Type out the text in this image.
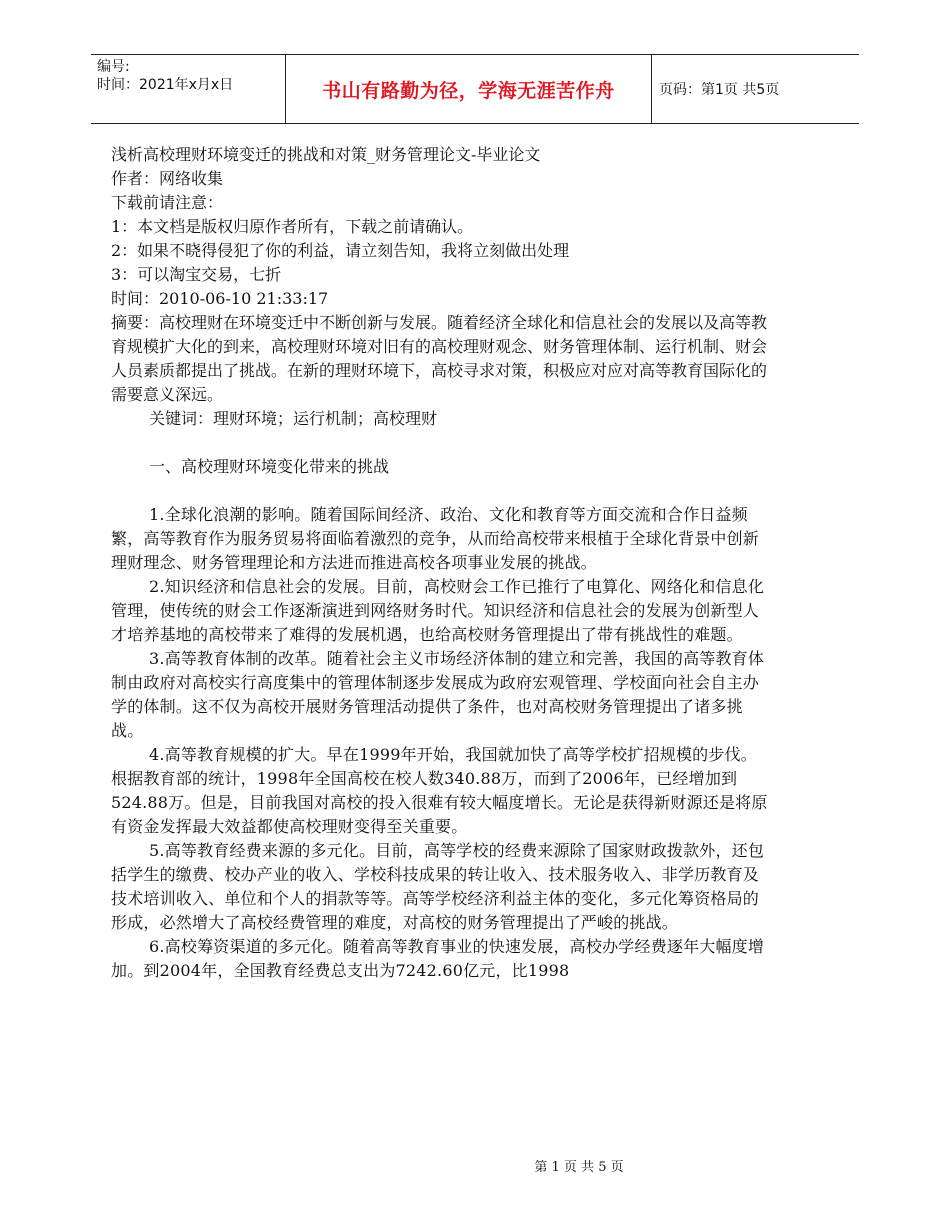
编号:
时间：2021年x月x日	书山有路勤为径，学海无涯苦作舟	页码：第1页 共5页

浅析高校理财环境变迁的挑战和对策_财务管理论文-毕业论文

作者：网络收集

下载前请注意：

1：本文档是版权归原作者所有，下载之前请确认。

2：如果不晓得侵犯了你的利益，请立刻告知，我将立刻做出处理

3：可以淘宝交易，七折

时间：2010-06-10 21:33:17

摘要：高校理财在环境变迁中不断创新与发展。随着经济全球化和信息社会的发展以及高等教育规模扩大化的到来，高校理财环境对旧有的高校理财观念、财务管理体制、运行机制、财会人员素质都提出了挑战。在新的理财环境下，高校寻求对策，积极应对应对高等教育国际化的需要意义深远。

关键词：理财环境；运行机制；高校理财

一、高校理财环境变化带来的挑战

1.全球化浪潮的影响。随着国际间经济、政治、文化和教育等方面交流和合作日益频繁，高等教育作为服务贸易将面临着激烈的竞争，从而给高校带来根植于全球化背景中创新理财理念、财务管理理论和方法进而推进高校各项事业发展的挑战。

2.知识经济和信息社会的发展。目前，高校财会工作已推行了电算化、网络化和信息化管理，使传统的财会工作逐渐演进到网络财务时代。知识经济和信息社会的发展为创新型人才培养基地的高校带来了难得的发展机遇，也给高校财务管理提出了带有挑战性的难题。

3.高等教育体制的改革。随着社会主义市场经济体制的建立和完善，我国的高等教育体制由政府对高校实行高度集中的管理体制逐步发展成为政府宏观管理、学校面向社会自主办学的体制。这不仅为高校开展财务管理活动提供了条件，也对高校财务管理提出了诸多挑战。

4.高等教育规模的扩大。早在1999年开始，我国就加快了高等学校扩招规模的步伐。根据教育部的统计，1998年全国高校在校人数340.88万，而到了2006年，已经增加到524.88万。但是，目前我国对高校的投入很难有较大幅度增长。无论是获得新财源还是将原有资金发挥最大效益都使高校理财变得至关重要。

5.高等教育经费来源的多元化。目前，高等学校的经费来源除了国家财政拨款外，还包括学生的缴费、校办产业的收入、学校科技成果的转让收入、技术服务收入、非学历教育及技术培训收入、单位和个人的捐款等等。高等学校经济利益主体的变化，多元化筹资格局的形成，必然增大了高校经费管理的难度，对高校的财务管理提出了严峻的挑战。

6.高校筹资渠道的多元化。随着高等教育事业的快速发展，高校办学经费逐年大幅度增加。到2004年，全国教育经费总支出为7242.60亿元，比1998

第 1 页 共 5 页
